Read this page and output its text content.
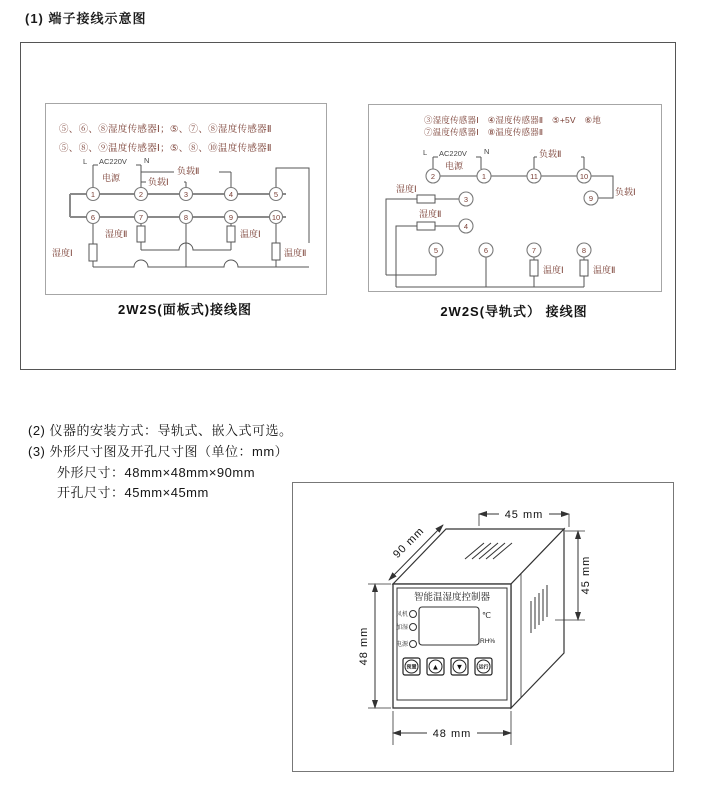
(1) 端子接线示意图
⑤、⑥、⑧湿度传感器Ⅰ；⑤、⑦、⑧湿度传感器Ⅱ
⑤、⑧、⑨温度传感器Ⅰ；⑤、⑧、⑩温度传感器Ⅱ
L AC220V N
电源
负载Ⅱ
负载Ⅰ
湿度Ⅰ
湿度Ⅱ	温度Ⅰ
温度Ⅱ
1	2	3	4	5
6	7	8	9	10
③湿度传感器Ⅰ　④湿度传感器Ⅱ　⑤+5V　⑥地
⑦温度传感器Ⅰ　⑧温度传感器Ⅱ
L AC220V N
电源
负载Ⅱ
负载Ⅰ
湿度Ⅰ
湿度Ⅱ
温度Ⅰ	温度Ⅱ
2	1	11	10
9
3
4
5	6	7	8
2W2S(面板式)接线图	2W2S(导轨式） 接线图
(2) 仪器的安装方式：导轨式、嵌入式可选。
(3) 外形尺寸图及开孔尺寸图（单位：mm）
外形尺寸：48mm×48mm×90mm
开孔尺寸：45mm×45mm
智能温湿度控制器
风机
加湿
电源
℃
RH%
预置 ▲ ▼	运行
45 mm
90 mm
45 mm
48 mm
48 mm
